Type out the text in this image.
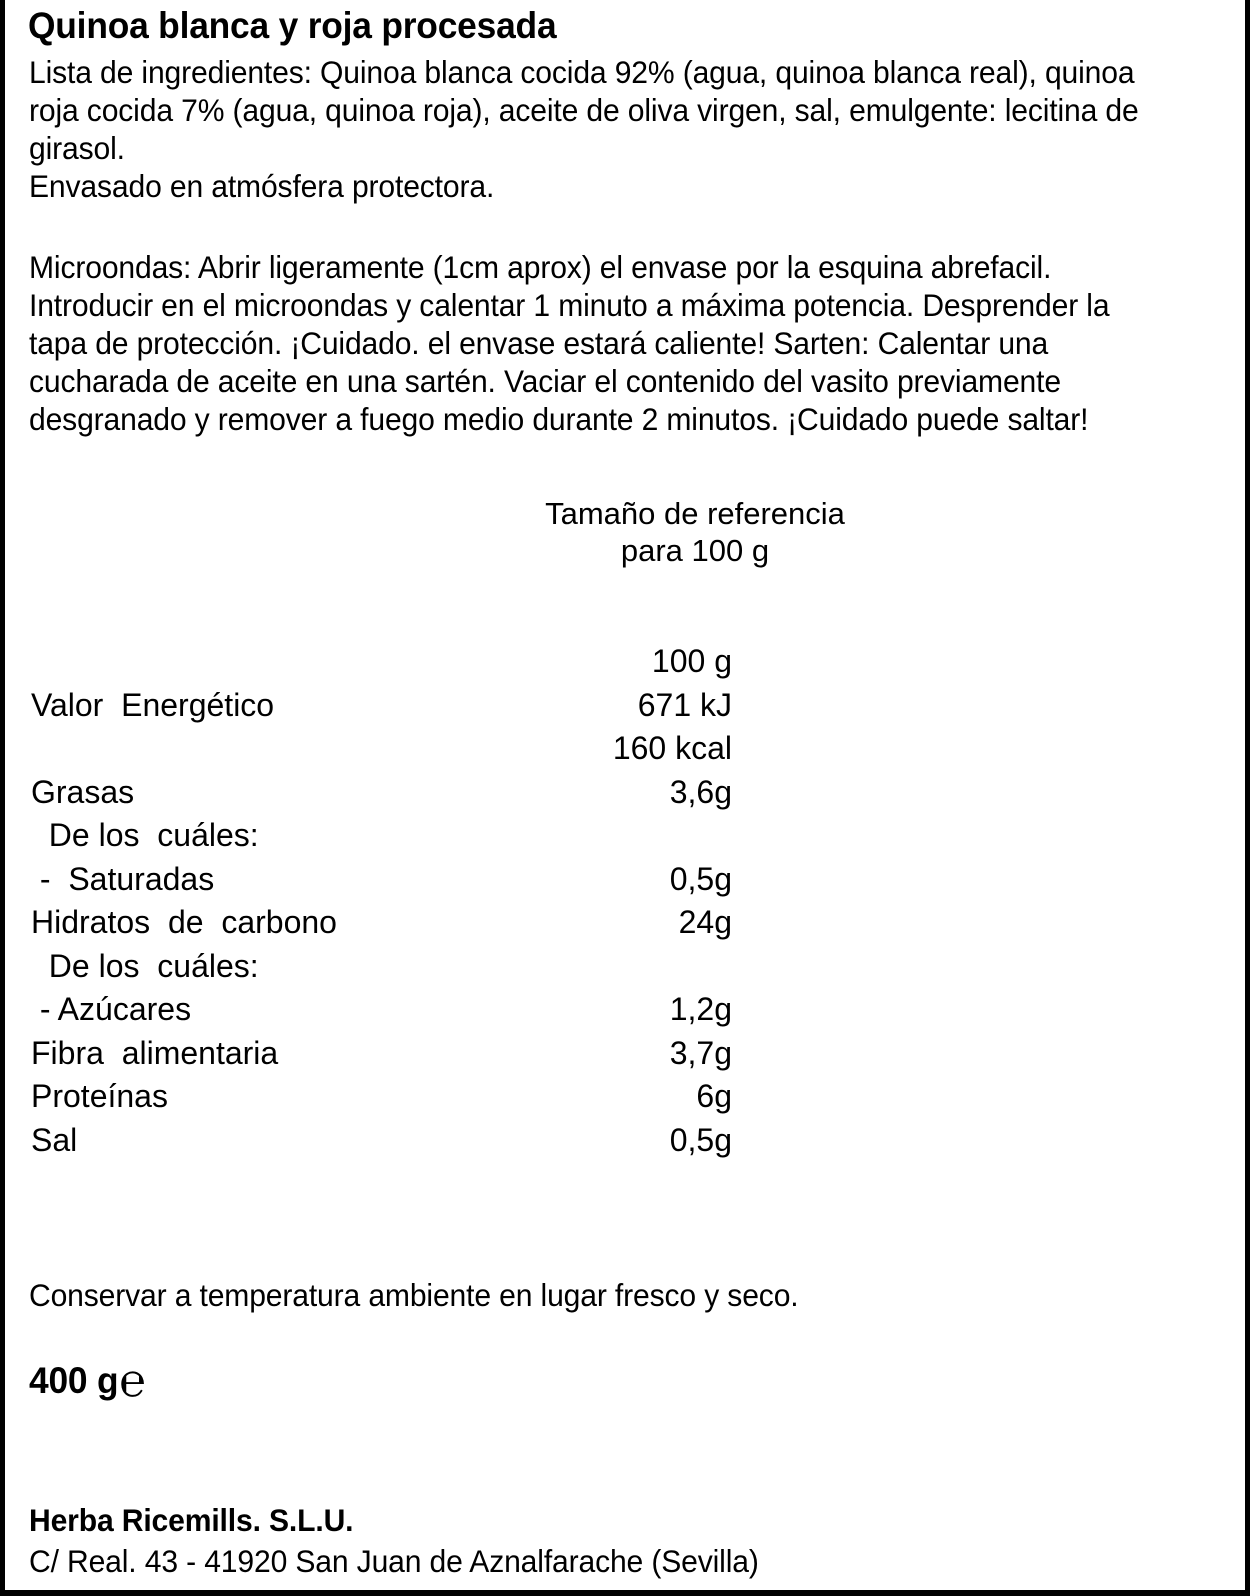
Quinoa blanca y roja procesada
Lista de ingredientes: Quinoa blanca cocida 92% (agua, quinoa blanca real), quinoa roja cocida 7% (agua, quinoa roja), aceite de oliva virgen, sal, emulgente: lecitina de girasol.
Envasado en atmósfera protectora.
Microondas: Abrir ligeramente (1cm aprox) el envase por la esquina abrefacil. Introducir en el microondas y calentar 1 minuto a máxima potencia. Desprender la tapa de protección. ¡Cuidado. el envase estará caliente! Sarten: Calentar una cucharada de aceite en una sartén. Vaciar el contenido del vasito previamente desgranado y remover a fuego medio durante 2 minutos. ¡Cuidado puede saltar!
Tamaño de referencia
para 100 g
100 g
Valor  Energético	671 kJ
160 kcal
Grasas	3,6g
De los  cuáles:
-  Saturadas	0,5g
Hidratos  de  carbono	24g
De los  cuáles:
- Azúcares	1,2g
Fibra  alimentaria	3,7g
Proteínas	6g
Sal	0,5g
Conservar a temperatura ambiente en lugar fresco y seco.
400 g℮
Herba Ricemills. S.L.U.
C/ Real. 43 - 41920 San Juan de Aznalfarache (Sevilla)
